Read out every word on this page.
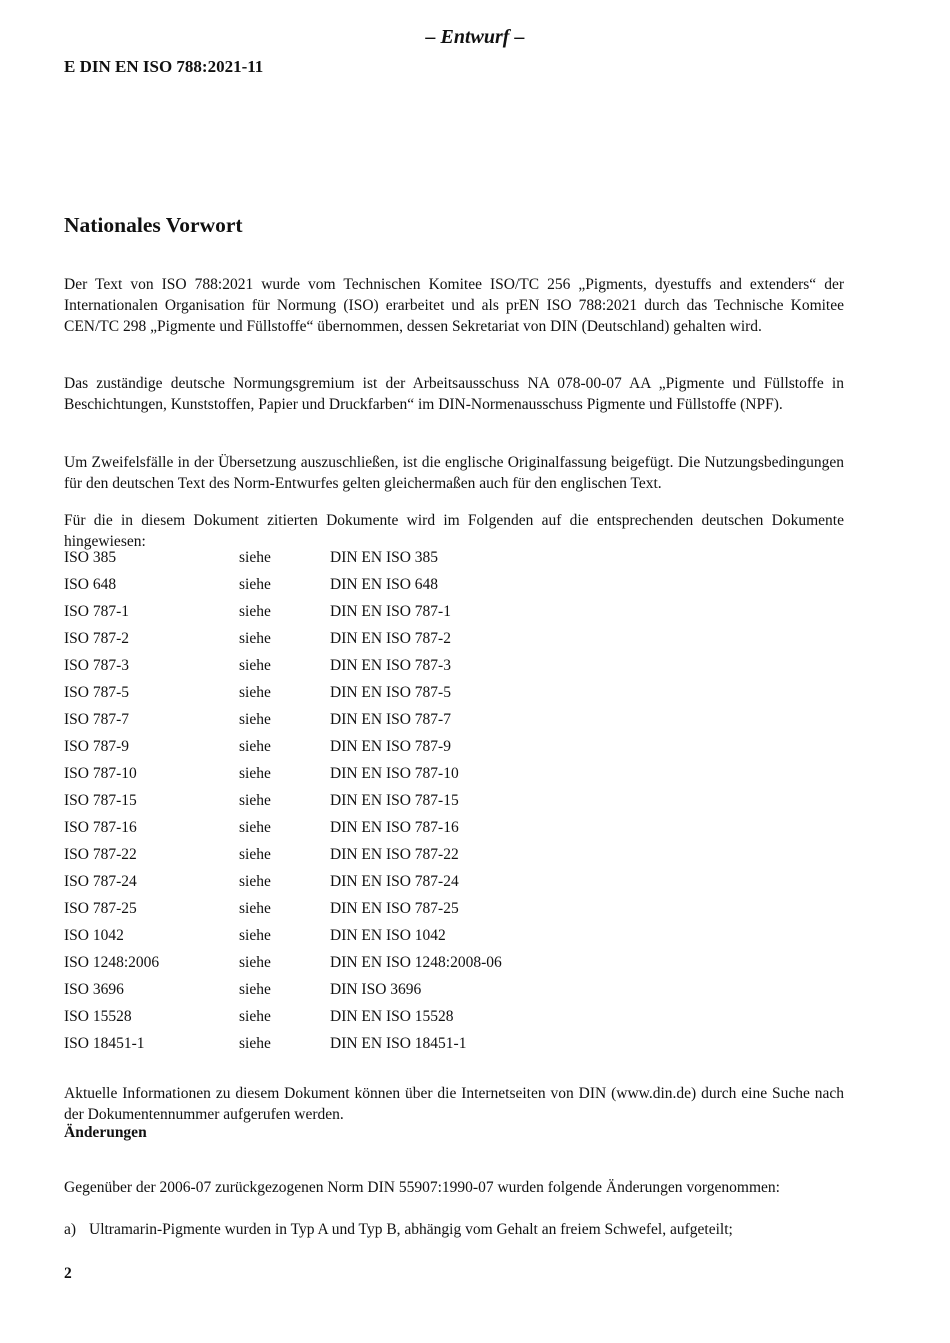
– Entwurf –
E DIN EN ISO 788:2021-11
Nationales Vorwort

Der Text von ISO 788:2021 wurde vom Technischen Komitee ISO/TC 256 „Pigments, dyestuffs and extenders“ der Internationalen Organisation für Normung (ISO) erarbeitet und als prEN ISO 788:2021 durch das Technische Komitee CEN/TC 298 „Pigmente und Füllstoffe“ übernommen, dessen Sekretariat von DIN (Deutschland) gehalten wird.

Das zuständige deutsche Normungsgremium ist der Arbeitsausschuss NA 078-00-07 AA „Pigmente und Füllstoffe in Beschichtungen, Kunststoffen, Papier und Druckfarben“ im DIN-Normenausschuss Pigmente und Füllstoffe (NPF).

Um Zweifelsfälle in der Übersetzung auszuschließen, ist die englische Originalfassung beigefügt. Die Nutzungsbedingungen für den deutschen Text des Norm-Entwurfes gelten gleichermaßen auch für den englischen Text.

Für die in diesem Dokument zitierten Dokumente wird im Folgenden auf die entsprechenden deutschen Dokumente hingewiesen:

ISO 385	siehe	DIN EN ISO 385
ISO 648	siehe	DIN EN ISO 648
ISO 787-1	siehe	DIN EN ISO 787-1
ISO 787-2	siehe	DIN EN ISO 787-2
ISO 787-3	siehe	DIN EN ISO 787-3
ISO 787-5	siehe	DIN EN ISO 787-5
ISO 787-7	siehe	DIN EN ISO 787-7
ISO 787-9	siehe	DIN EN ISO 787-9
ISO 787-10	siehe	DIN EN ISO 787-10
ISO 787-15	siehe	DIN EN ISO 787-15
ISO 787-16	siehe	DIN EN ISO 787-16
ISO 787-22	siehe	DIN EN ISO 787-22
ISO 787-24	siehe	DIN EN ISO 787-24
ISO 787-25	siehe	DIN EN ISO 787-25
ISO 1042	siehe	DIN EN ISO 1042
ISO 1248:2006	siehe	DIN EN ISO 1248:2008-06
ISO 3696	siehe	DIN ISO 3696
ISO 15528	siehe	DIN EN ISO 15528
ISO 18451-1	siehe	DIN EN ISO 18451-1

Aktuelle Informationen zu diesem Dokument können über die Internetseiten von DIN (www.din.de) durch eine Suche nach der Dokumentennummer aufgerufen werden.

Änderungen

Gegenüber der 2006-07 zurückgezogenen Norm DIN 55907:1990-07 wurden folgende Änderungen vorgenommen:

a) Ultramarin-Pigmente wurden in Typ A und Typ B, abhängig vom Gehalt an freiem Schwefel, aufgeteilt;
2
